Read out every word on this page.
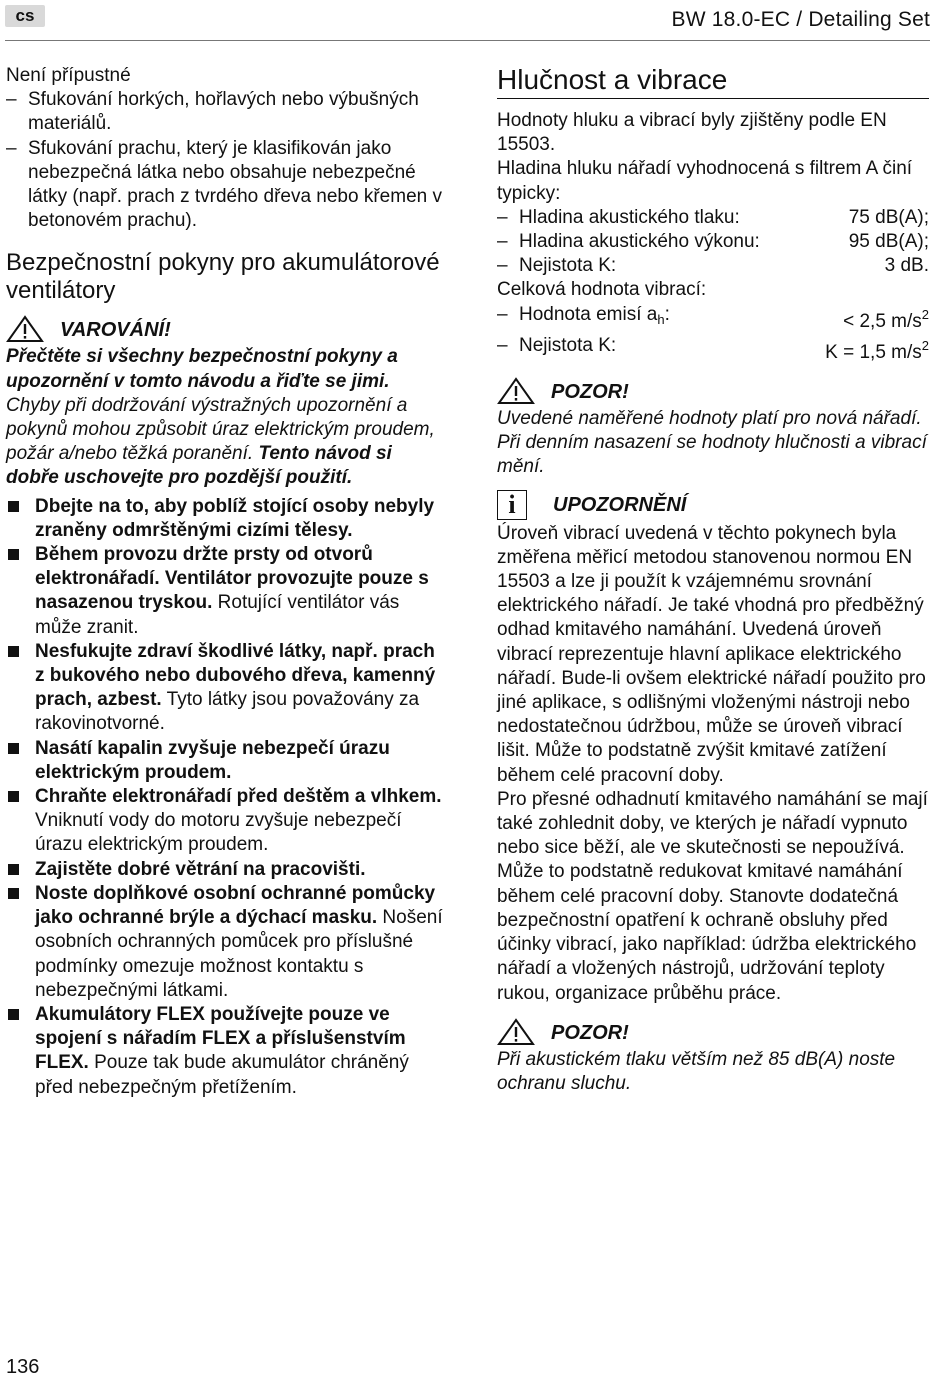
cs	BW 18.0-EC / Detailing Set

Není přípustné

– Sfukování horkých, hořlavých nebo výbušných materiálů.
– Sfukování prachu, který je klasifikován jako nebezpečná látka nebo obsahuje nebezpečné látky (např. prach z tvrdého dřeva nebo křemen v betonovém prachu).
Bezpečnostní pokyny pro akumulátorové ventilátory
VAROVÁNÍ!

Přečtěte si všechny bezpečnostní pokyny a upozornění v tomto návodu a řiďte se jimi.

Chyby při dodržování výstražných upozornění a pokynů mohou způsobit úraz elektrickým proudem, požár a/nebo těžká poranění. Tento návod si dobře uschovejte pro pozdější použití.

Dbejte na to, aby poblíž stojící osoby nebyly zraněny odmrštěnými cizími tělesy.
Během provozu držte prsty od otvorů elektronářadí. Ventilátor provozujte pouze s nasazenou tryskou. Rotující ventilátor vás může zranit.
Nesfukujte zdraví škodlivé látky, např. prach z bukového nebo dubového dřeva, kamenný prach, azbest. Tyto látky jsou považovány za rakovinotvorné.
Nasátí kapalin zvyšuje nebezpečí úrazu elektrickým proudem.
Chraňte elektronářadí před deštěm a vlhkem. Vniknutí vody do motoru zvyšuje nebezpečí úrazu elektrickým proudem.
Zajistěte dobré větrání na pracovišti.
Noste doplňkové osobní ochranné pomůcky jako ochranné brýle a dýchací masku. Nošení osobních ochranných pomůcek pro příslušné podmínky omezuje možnost kontaktu s nebezpečnými látkami.
Akumulátory FLEX používejte pouze ve spojení s nářadím FLEX a příslušenstvím FLEX. Pouze tak bude akumulátor chráněný před nebezpečným přetížením.
Hlučnost a vibrace

Hodnoty hluku a vibrací byly zjištěny podle EN 15503.

Hladina hluku nářadí vyhodnocená s filtrem A činí typicky:

– Hladina akustického tlaku:	75 dB(A);
– Hladina akustického výkonu:	95 dB(A);
– Nejistota K:	3 dB.

Celková hodnota vibrací:

– Hodnota emisí $a_h$:	< 2,5 $m/s^2$
– Nejistota K:	K = 1,5 $m/s^2$
POZOR!

Uvedené naměřené hodnoty platí pro nová nářadí. Při denním nasazení se hodnoty hlučnosti a vibrací mění.

i	UPOZORNĚNÍ

Úroveň vibrací uvedená v těchto pokynech byla změřena měřicí metodou stanovenou normou EN 15503 a lze ji použít k vzájemnému srovnání elektrického nářadí. Je také vhodná pro předběžný odhad kmitavého namáhání. Uvedená úroveň vibrací reprezentuje hlavní aplikace elektrického nářadí. Bude-li ovšem elektrické nářadí použito pro jiné aplikace, s odlišnými vloženými nástroji nebo nedostatečnou údržbou, může se úroveň vibrací lišit. Může to podstatně zvýšit kmitavé zatížení během celé pracovní doby.

Pro přesné odhadnutí kmitavého namáhání se mají také zohlednit doby, ve kterých je nářadí vypnuto nebo sice běží, ale ve skutečnosti se nepoužívá. Může to podstatně redukovat kmitavé namáhání během celé pracovní doby. Stanovte dodatečná bezpečnostní opatření k ochraně obsluhy před účinky vibrací, jako například: údržba elektrického nářadí a vložených nástrojů, udržování teploty rukou, organizace průběhu práce.

POZOR!

Při akustickém tlaku větším než 85 dB(A) noste ochranu sluchu.

136
